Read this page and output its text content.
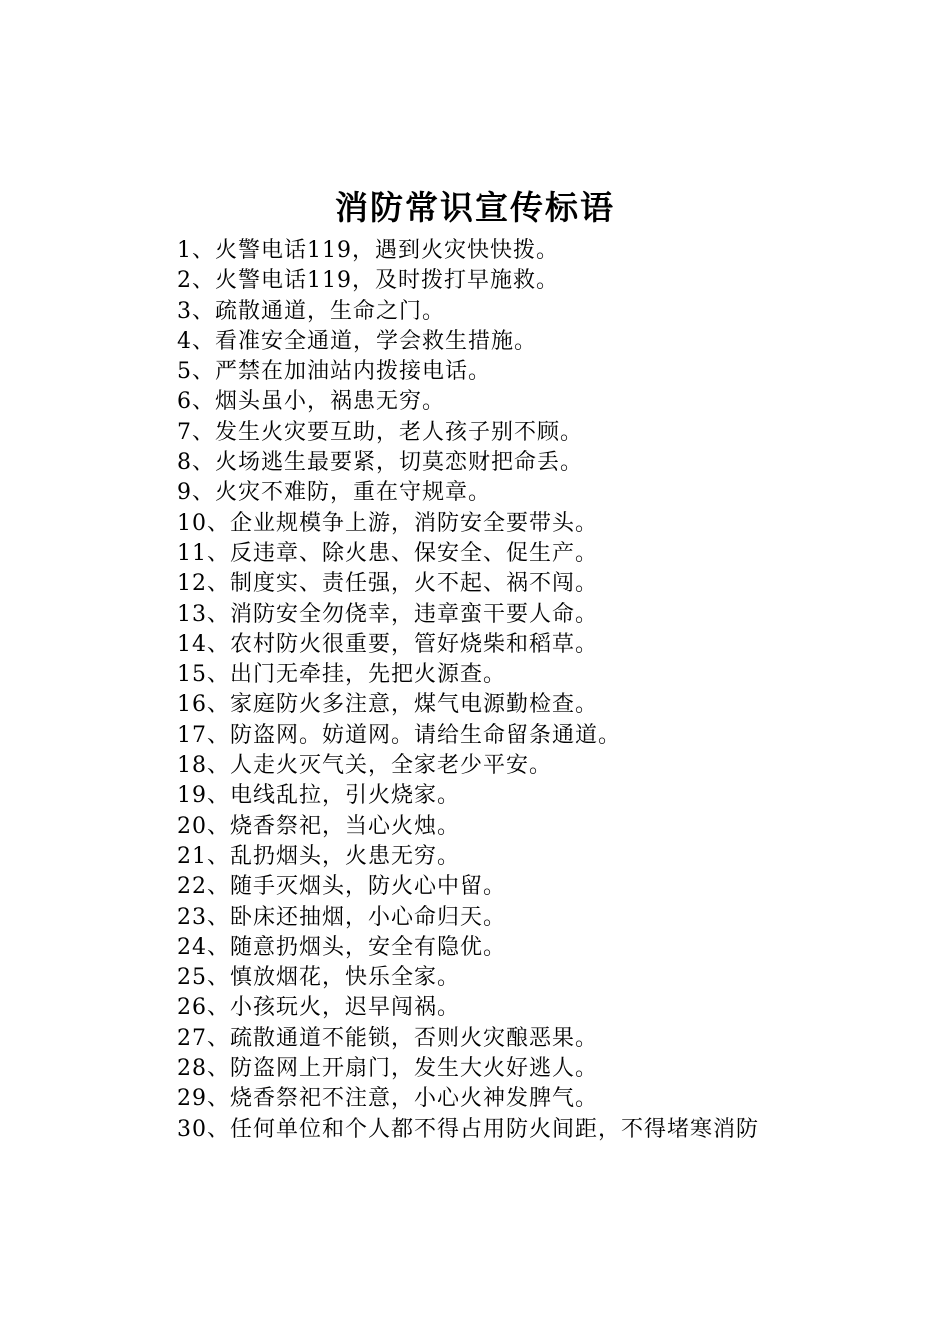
消防常识宣传标语
1、火警电话119，遇到火灾快快拨。
2、火警电话119，及时拨打早施救。
3、疏散通道，生命之门。
4、看准安全通道，学会救生措施。
5、严禁在加油站内拨接电话。
6、烟头虽小，祸患无穷。
7、发生火灾要互助，老人孩子别不顾。
8、火场逃生最要紧，切莫恋财把命丢。
9、火灾不难防，重在守规章。
10、企业规模争上游，消防安全要带头。
11、反违章、除火患、保安全、促生产。
12、制度实、责任强，火不起、祸不闯。
13、消防安全勿侥幸，违章蛮干要人命。
14、农村防火很重要，管好烧柴和稻草。
15、出门无牵挂，先把火源查。
16、家庭防火多注意，煤气电源勤检查。
17、防盗网。妨道网。请给生命留条通道。
18、人走火灭气关，全家老少平安。
19、电线乱拉，引火烧家。
20、烧香祭祀，当心火烛。
21、乱扔烟头，火患无穷。
22、随手灭烟头，防火心中留。
23、卧床还抽烟，小心命归天。
24、随意扔烟头，安全有隐优。
25、慎放烟花，快乐全家。
26、小孩玩火，迟早闯祸。
27、疏散通道不能锁，否则火灾酿恶果。
28、防盗网上开扇门，发生大火好逃人。
29、烧香祭祀不注意，小心火神发脾气。
30、任何单位和个人都不得占用防火间距，不得堵寒消防
